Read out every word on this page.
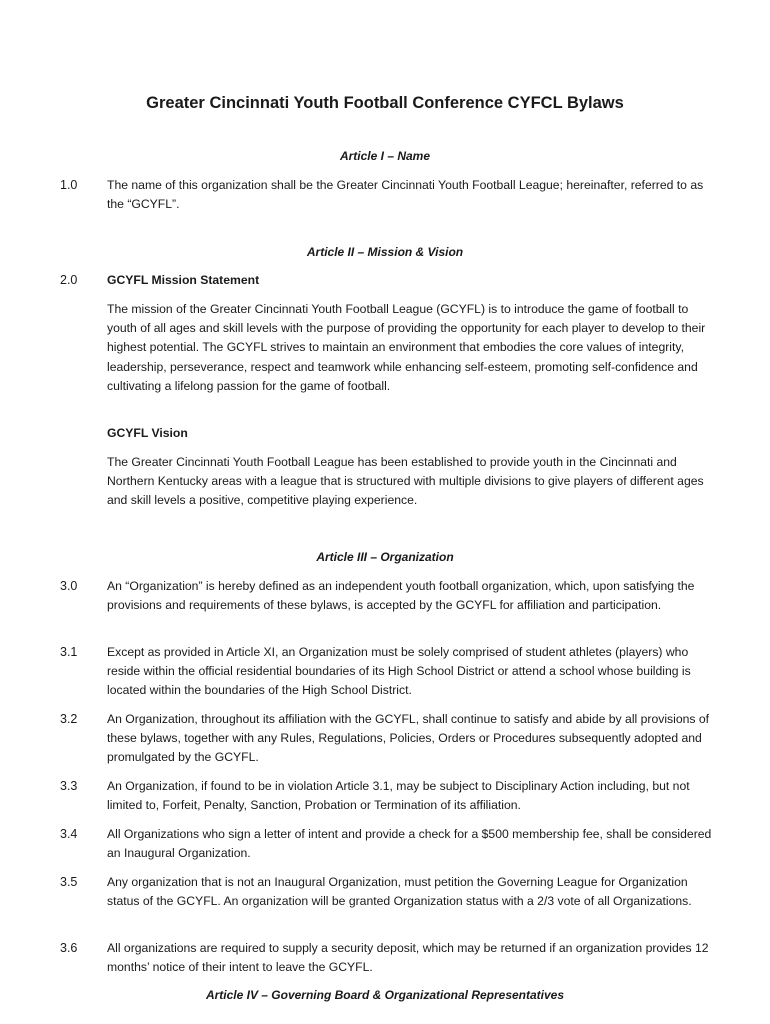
Greater Cincinnati Youth Football Conference CYFCL Bylaws
Article I – Name
1.0 The name of this organization shall be the Greater Cincinnati Youth Football League; hereinafter, referred to as the “GCYFL”.
Article II – Mission & Vision
2.0 GCYFL Mission Statement
The mission of the Greater Cincinnati Youth Football League (GCYFL) is to introduce the game of football to youth of all ages and skill levels with the purpose of providing the opportunity for each player to develop to their highest potential. The GCYFL strives to maintain an environment that embodies the core values of integrity, leadership, perseverance, respect and teamwork while enhancing self-esteem, promoting self-confidence and cultivating a lifelong passion for the game of football.
GCYFL Vision
The Greater Cincinnati Youth Football League has been established to provide youth in the Cincinnati and Northern Kentucky areas with a league that is structured with multiple divisions to give players of different ages and skill levels a positive, competitive playing experience.
Article III – Organization
3.0 An “Organization” is hereby defined as an independent youth football organization, which, upon satisfying the provisions and requirements of these bylaws, is accepted by the GCYFL for affiliation and participation.
3.1 Except as provided in Article XI, an Organization must be solely comprised of student athletes (players) who reside within the official residential boundaries of its High School District or attend a school whose building is located within the boundaries of the High School District.
3.2 An Organization, throughout its affiliation with the GCYFL, shall continue to satisfy and abide by all provisions of these bylaws, together with any Rules, Regulations, Policies, Orders or Procedures subsequently adopted and promulgated by the GCYFL.
3.3 An Organization, if found to be in violation Article 3.1, may be subject to Disciplinary Action including, but not limited to, Forfeit, Penalty, Sanction, Probation or Termination of its affiliation.
3.4 All Organizations who sign a letter of intent and provide a check for a $500 membership fee, shall be considered an Inaugural Organization.
3.5 Any organization that is not an Inaugural Organization, must petition the Governing League for Organization status of the GCYFL. An organization will be granted Organization status with a 2/3 vote of all Organizations.
3.6 All organizations are required to supply a security deposit, which may be returned if an organization provides 12 months’ notice of their intent to leave the GCYFL.
Article IV – Governing Board & Organizational Representatives
